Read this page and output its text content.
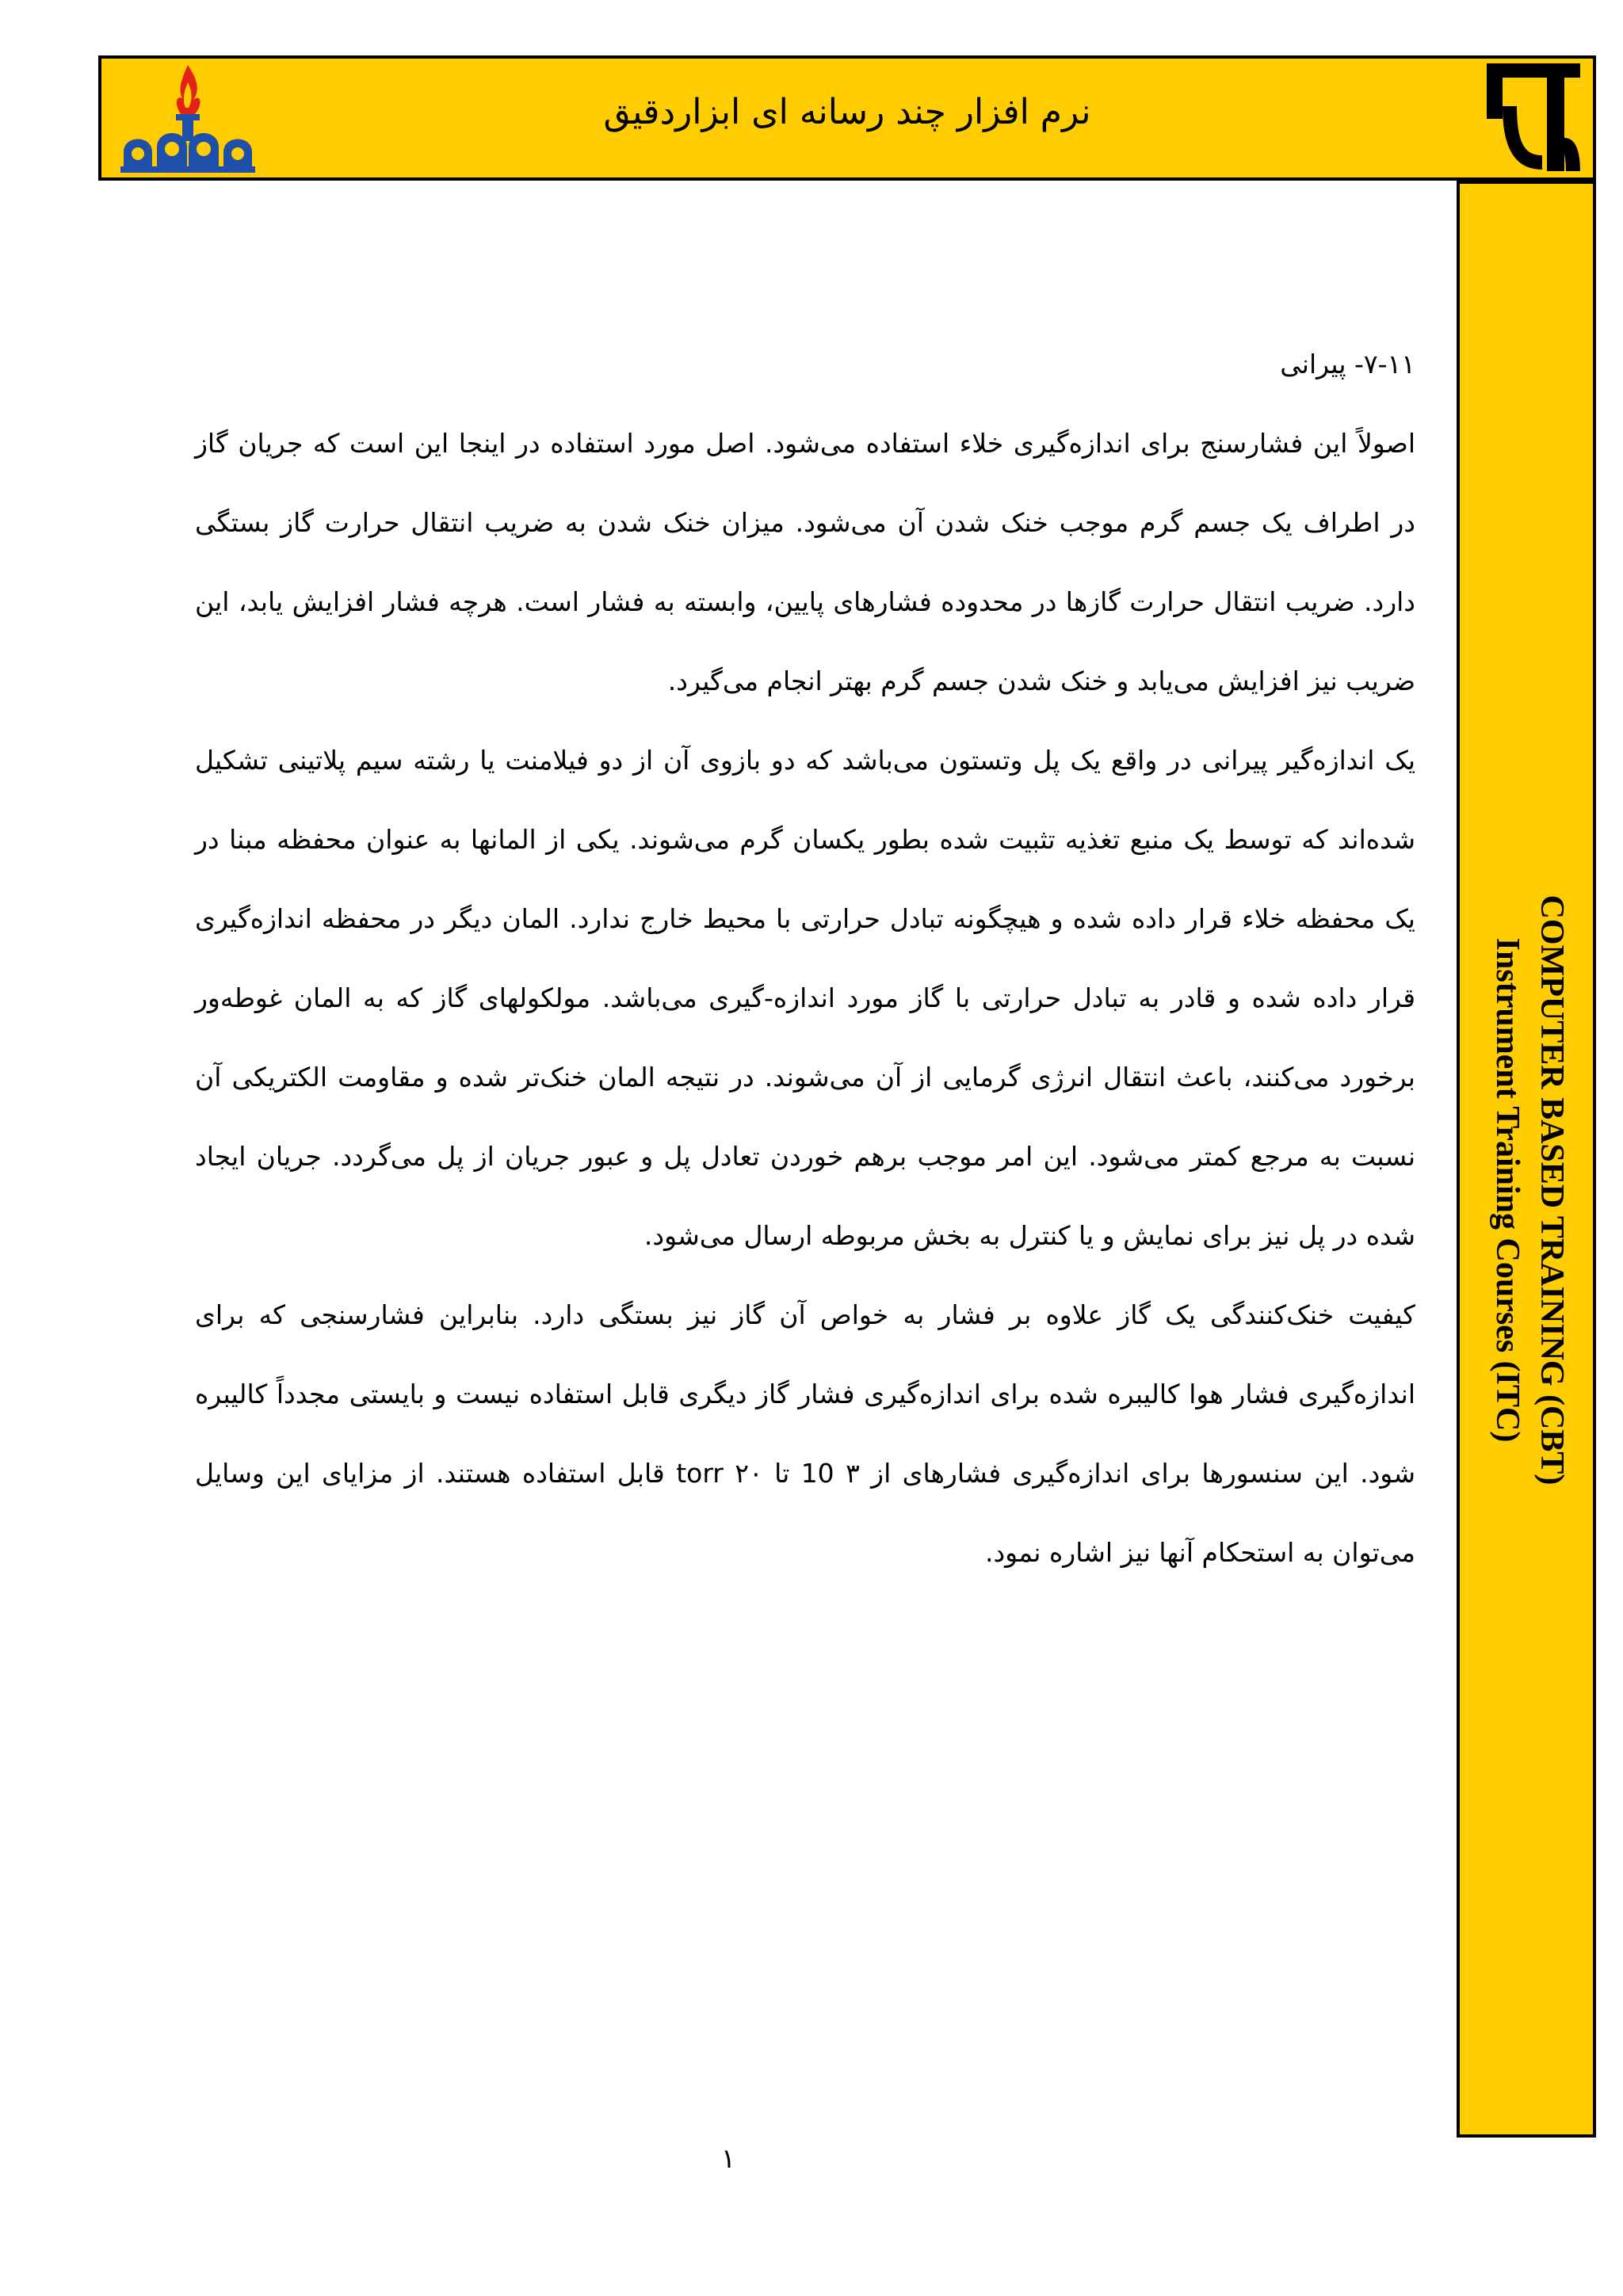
نرم افزار چند رسانه ای ابزاردقیق
COMPUTER BASED TRAINING (CBT)
Instrument Training Courses (ITC)
۷-۱۱- پیرانی

اصولاً این فشارسنج برای اندازه‌گیری خلاء استفاده می‌شود. اصل مورد استفاده در اینجا این است که جریان گاز در اطراف یک جسم گرم موجب خنک شدن آن می‌شود. میزان خنک شدن به ضریب انتقال حرارت گاز بستگی دارد. ضریب انتقال حرارت گازها در محدوده فشارهای پایین، وابسته به فشار است. هرچه فشار افزایش یابد، این ضریب نیز افزایش می‌یابد و خنک شدن جسم گرم بهتر انجام می‌گیرد.

یک اندازه‌گیر پیرانی در واقع یک پل وتستون می‌باشد که دو بازوی آن از دو فیلامنت یا رشته سیم پلاتینی تشکیل شده‌اند که توسط یک منبع تغذیه تثبیت شده بطور یکسان گرم می‌شوند. یکی از المانها به عنوان محفظه مبنا در یک محفظه خلاء قرار داده شده و هیچگونه تبادل حرارتی با محیط خارج ندارد. المان دیگر در محفظه اندازه‌گیری قرار داده شده و قادر به تبادل حرارتی با گاز مورد اندازه-گیری می‌باشد. مولکولهای گاز که به المان غوطه‌ور برخورد می‌کنند، باعث انتقال انرژی گرمایی از آن می‌شوند. در نتیجه المان خنک‌تر شده و مقاومت الکتریکی آن نسبت به مرجع کمتر می‌شود. این امر موجب برهم خوردن تعادل پل و عبور جریان از پل می‌گردد. جریان ایجاد شده در پل نیز برای نمایش و یا کنترل به بخش مربوطه ارسال می‌شود.

کیفیت خنک‌کنندگی یک گاز علاوه بر فشار به خواص آن گاز نیز بستگی دارد. بنابراین فشارسنجی که برای اندازه‌گیری فشار هوا کالیبره شده برای اندازه‌گیری فشار گاز دیگری قابل استفاده نیست و بایستی مجدداً کالیبره شود. این سنسورها برای اندازه‌گیری فشارهای از ۳ 10 تا ۲۰ torr قابل استفاده هستند. از مزایای این وسایل می‌توان به استحکام آنها نیز اشاره نمود.

۱
